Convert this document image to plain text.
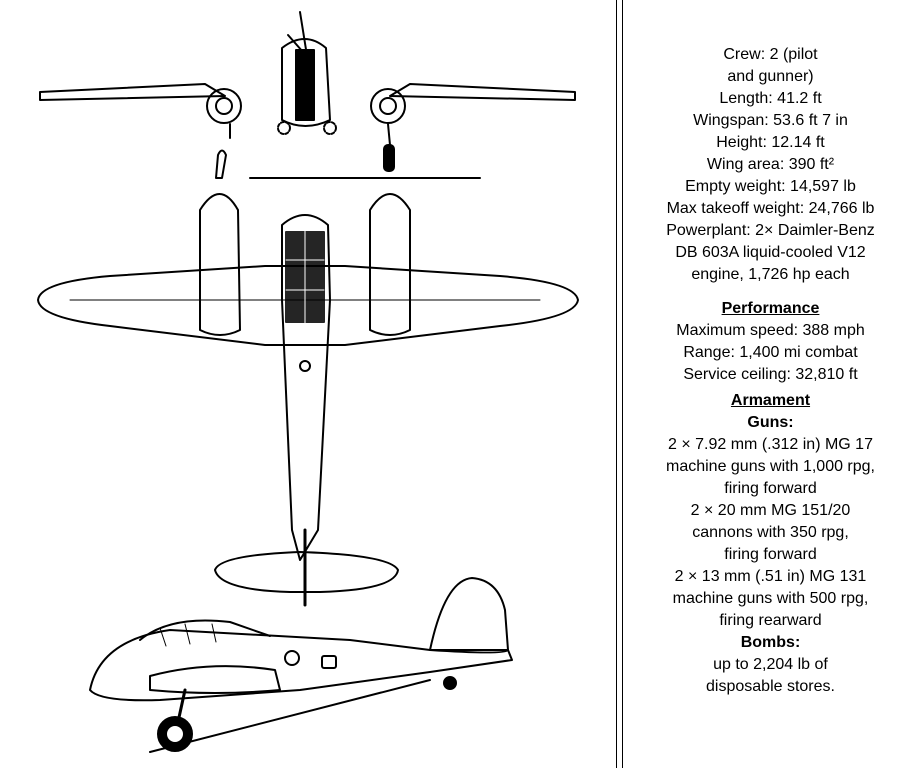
Crew: 2 (pilot
and gunner)
Length: 41.2 ft
Wingspan: 53.6 ft 7 in
Height: 12.14 ft
Wing area: 390 ft²
Empty weight: 14,597 lb
Max takeoff weight: 24,766 lb
Powerplant: 2× Daimler-Benz
DB 603A liquid-cooled V12
engine, 1,726 hp each
Performance
Maximum speed: 388 mph
Range: 1,400 mi combat
Service ceiling: 32,810 ft
Armament
Guns:
2 × 7.92 mm (.312 in) MG 17
machine guns with 1,000 rpg,
firing forward
2 × 20 mm MG 151/20
cannons with 350 rpg,
firing forward
2 × 13 mm (.51 in) MG 131
machine guns with 500 rpg,
firing rearward
Bombs:
up to 2,204 lb of
disposable stores.
